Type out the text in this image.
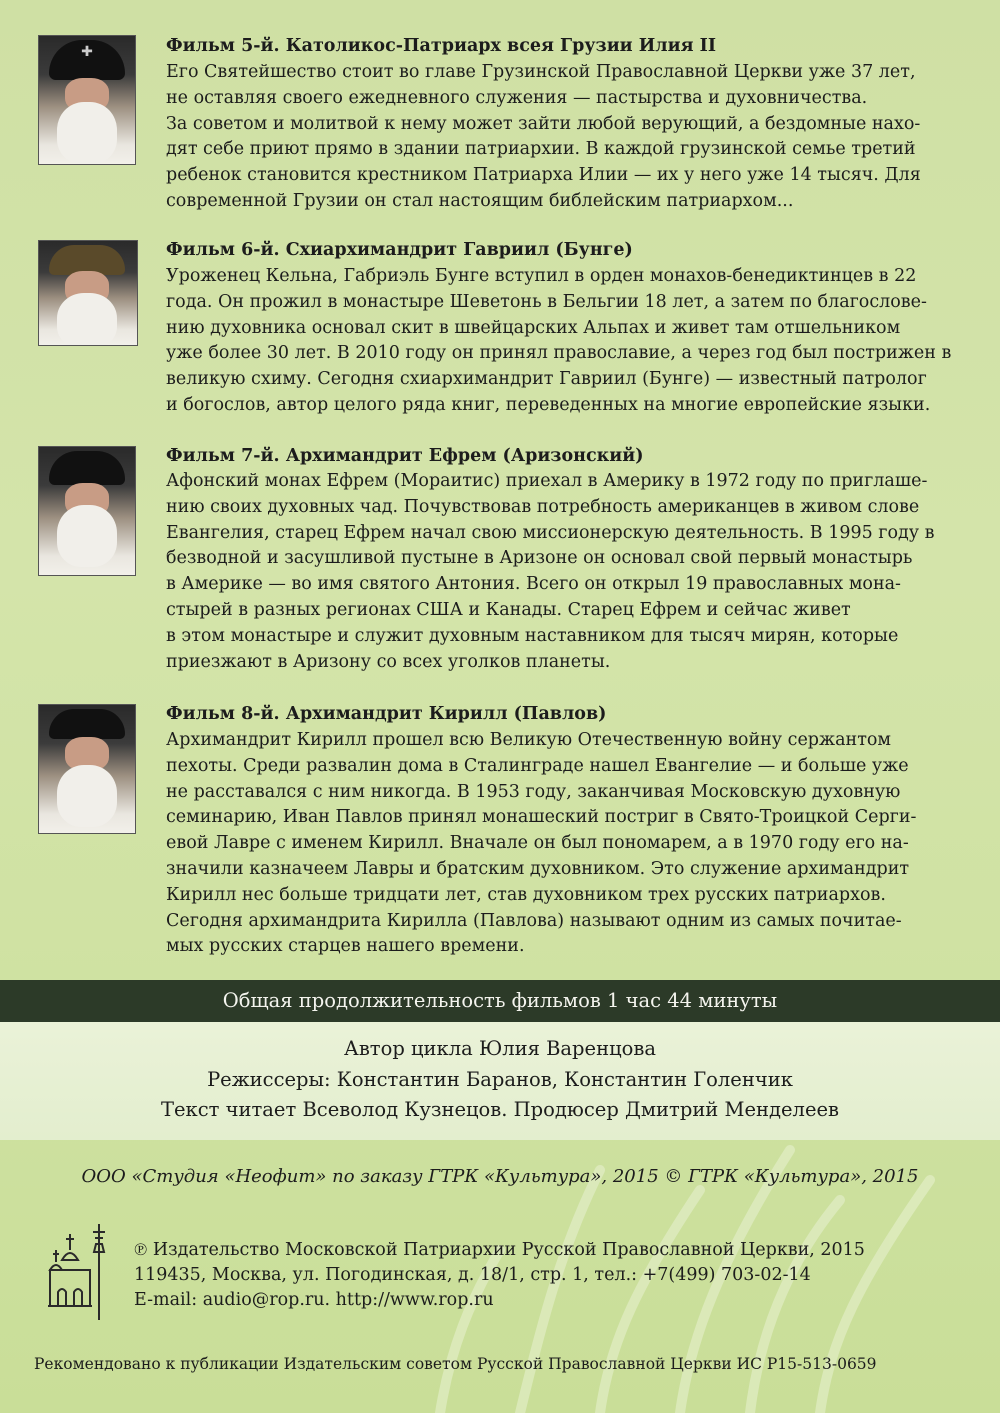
✚	Фильм 5-й. Католикос-Патриарх всея Грузии Илия II
Его Святейшество стоит во главе Грузинской Православной Церкви уже 37 лет,
не оставляя своего ежедневного служения — пастырства и духовничества.
За советом и молитвой к нему может зайти любой верующий, а бездомные нахо-
дят себе приют прямо в здании патриархии. В каждой грузинской семье третий
ребенок становится крестником Патриарха Илии — их у него уже 14 тысяч. Для
современной Грузии он стал настоящим библейским патриархом...
Фильм 6-й. Схиархимандрит Гавриил (Бунге)
Уроженец Кельна, Габриэль Бунге вступил в орден монахов-бенедиктинцев в 22
года. Он прожил в монастыре Шеветонь в Бельгии 18 лет, а затем по благослове-
нию духовника основал скит в швейцарских Альпах и живет там отшельником
уже более 30 лет. В 2010 году он принял православие, а через год был пострижен в
великую схиму. Сегодня схиархимандрит Гавриил (Бунге) — известный патролог
и богослов, автор целого ряда книг, переведенных на многие европейские языки.
Фильм 7-й. Архимандрит Ефрем (Аризонский)
Афонский монах Ефрем (Мораитис) приехал в Америку в 1972 году по приглаше-
нию своих духовных чад. Почувствовав потребность американцев в живом слове
Евангелия, старец Ефрем начал свою миссионерскую деятельность. В 1995 году в
безводной и засушливой пустыне в Аризоне он основал свой первый монастырь
в Америке — во имя святого Антония. Всего он открыл 19 православных мона-
стырей в разных регионах США и Канады. Старец Ефрем и сейчас живет
в этом монастыре и служит духовным наставником для тысяч мирян, которые
приезжают в Аризону со всех уголков планеты.
Фильм 8-й. Архимандрит Кирилл (Павлов)
Архимандрит Кирилл прошел всю Великую Отечественную войну сержантом
пехоты. Среди развалин дома в Сталинграде нашел Евангелие — и больше уже
не расставался с ним никогда. В 1953 году, заканчивая Московскую духовную
семинарию, Иван Павлов принял монашеский постриг в Свято-Троицкой Серги-
евой Лавре с именем Кирилл. Вначале он был пономарем, а в 1970 году его на-
значили казначеем Лавры и братским духовником. Это служение архимандрит
Кирилл нес больше тридцати лет, став духовником трех русских патриархов.
Сегодня архимандрита Кирилла (Павлова) называют одним из самых почитае-
мых русских старцев нашего времени.
Общая продолжительность фильмов 1 час 44 минуты
Автор цикла Юлия Варенцова
Режиссеры: Константин Баранов, Константин Голенчик
Текст читает Всеволод Кузнецов. Продюсер Дмитрий Менделеев
ООО «Студия «Неофит» по заказу ГТРК «Культура», 2015 © ГТРК «Культура», 2015
℗ Издательство Московской Патриархии Русской Православной Церкви, 2015
119435, Москва, ул. Погодинская, д. 18/1, стр. 1, тел.: +7(499) 703-02-14
E-mail: audio@rop.ru. http://www.rop.ru
Рекомендовано к публикации Издательским советом Русской Православной Церкви ИС Р15-513-0659
